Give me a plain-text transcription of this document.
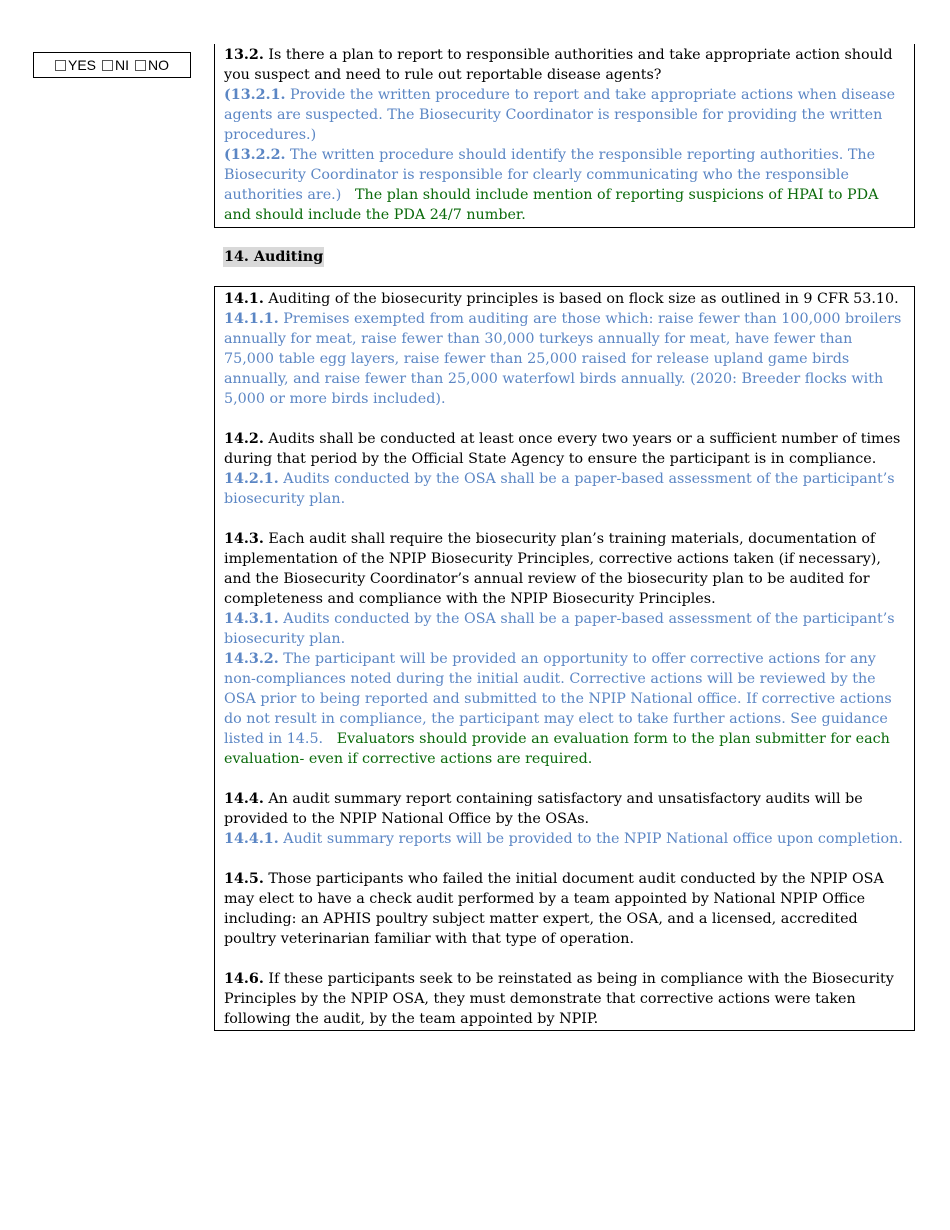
YES NI NO

13.2. Is there a plan to report to responsible authorities and take appropriate action should you suspect and need to rule out reportable disease agents?

(13.2.1. Provide the written procedure to report and take appropriate actions when disease agents are suspected. The Biosecurity Coordinator is responsible for providing the written procedures.)

(13.2.2. The written procedure should identify the responsible reporting authorities. The Biosecurity Coordinator is responsible for clearly communicating who the responsible authorities are.) The plan should include mention of reporting suspicions of HPAI to PDA and should include the PDA 24/7 number.

14. Auditing

14.1. Auditing of the biosecurity principles is based on flock size as outlined in 9 CFR 53.10.

14.1.1. Premises exempted from auditing are those which: raise fewer than 100,000 broilers annually for meat, raise fewer than 30,000 turkeys annually for meat, have fewer than 75,000 table egg layers, raise fewer than 25,000 raised for release upland game birds annually, and raise fewer than 25,000 waterfowl birds annually. (2020: Breeder flocks with 5,000 or more birds included).

14.2. Audits shall be conducted at least once every two years or a sufficient number of times during that period by the Official State Agency to ensure the participant is in compliance.

14.2.1. Audits conducted by the OSA shall be a paper-based assessment of the participant’s biosecurity plan.

14.3. Each audit shall require the biosecurity plan’s training materials, documentation of implementation of the NPIP Biosecurity Principles, corrective actions taken (if necessary), and the Biosecurity Coordinator’s annual review of the biosecurity plan to be audited for completeness and compliance with the NPIP Biosecurity Principles.

14.3.1. Audits conducted by the OSA shall be a paper-based assessment of the participant’s biosecurity plan.

14.3.2. The participant will be provided an opportunity to offer corrective actions for any non-compliances noted during the initial audit. Corrective actions will be reviewed by the OSA prior to being reported and submitted to the NPIP National office. If corrective actions do not result in compliance, the participant may elect to take further actions. See guidance listed in 14.5. Evaluators should provide an evaluation form to the plan submitter for each evaluation- even if corrective actions are required.

14.4. An audit summary report containing satisfactory and unsatisfactory audits will be provided to the NPIP National Office by the OSAs.

14.4.1. Audit summary reports will be provided to the NPIP National office upon completion.

14.5. Those participants who failed the initial document audit conducted by the NPIP OSA may elect to have a check audit performed by a team appointed by National NPIP Office including: an APHIS poultry subject matter expert, the OSA, and a licensed, accredited poultry veterinarian familiar with that type of operation.

14.6. If these participants seek to be reinstated as being in compliance with the Biosecurity Principles by the NPIP OSA, they must demonstrate that corrective actions were taken following the audit, by the team appointed by NPIP.
